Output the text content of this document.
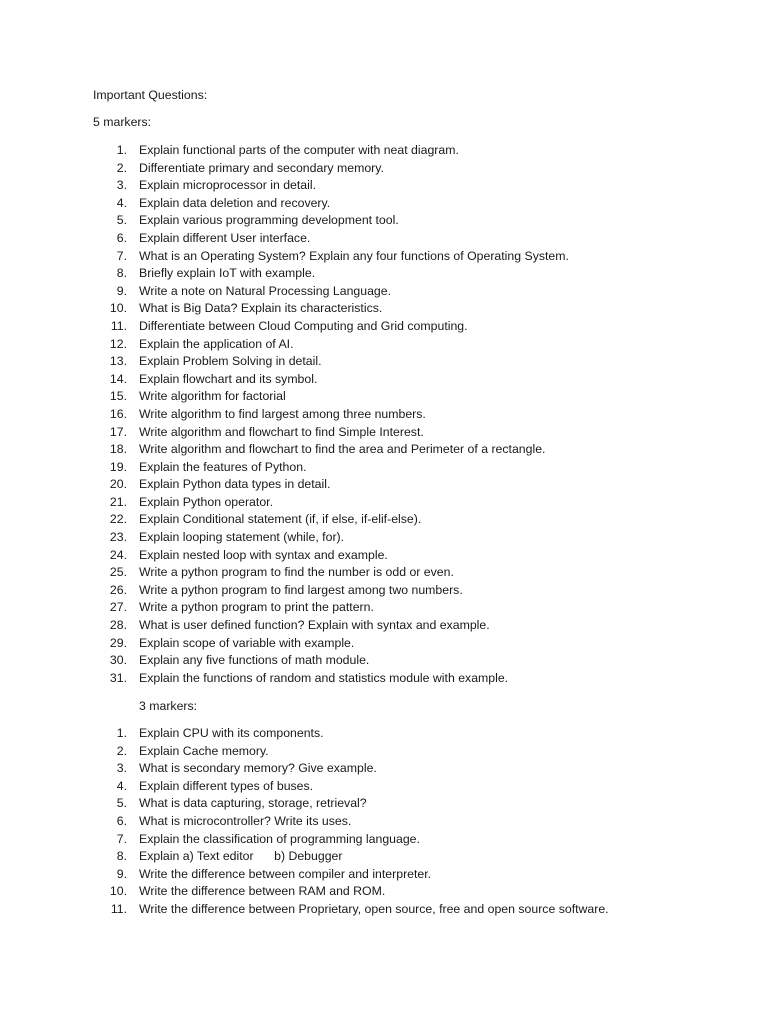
Important Questions:
5 markers:
1. Explain functional parts of the computer with neat diagram.
2. Differentiate primary and secondary memory.
3. Explain microprocessor in detail.
4. Explain data deletion and recovery.
5. Explain various programming development tool.
6. Explain different User interface.
7. What is an Operating System? Explain any four functions of Operating System.
8. Briefly explain IoT with example.
9. Write a note on Natural Processing Language.
10. What is Big Data? Explain its characteristics.
11. Differentiate between Cloud Computing and Grid computing.
12. Explain the application of AI.
13. Explain Problem Solving in detail.
14. Explain flowchart and its symbol.
15. Write algorithm for factorial
16. Write algorithm to find largest among three numbers.
17. Write algorithm and flowchart to find Simple Interest.
18. Write algorithm and flowchart to find the area and Perimeter of a rectangle.
19. Explain the features of Python.
20. Explain Python data types in detail.
21. Explain Python operator.
22. Explain Conditional statement (if, if else, if-elif-else).
23. Explain looping statement (while, for).
24. Explain nested loop with syntax and example.
25. Write a python program to find the number is odd or even.
26. Write a python program to find largest among two numbers.
27. Write a python program to print the pattern.
28. What is user defined function? Explain with syntax and example.
29. Explain scope of variable with example.
30. Explain any five functions of math module.
31. Explain the functions of random and statistics module with example.
3 markers:
1. Explain CPU with its components.
2. Explain Cache memory.
3. What is secondary memory? Give example.
4. Explain different types of buses.
5. What is data capturing, storage, retrieval?
6. What is microcontroller? Write its uses.
7. Explain the classification of programming language.
8. Explain a) Text editor      b) Debugger
9. Write the difference between compiler and interpreter.
10. Write the difference between RAM and ROM.
11. Write the difference between Proprietary, open source, free and open source software.
